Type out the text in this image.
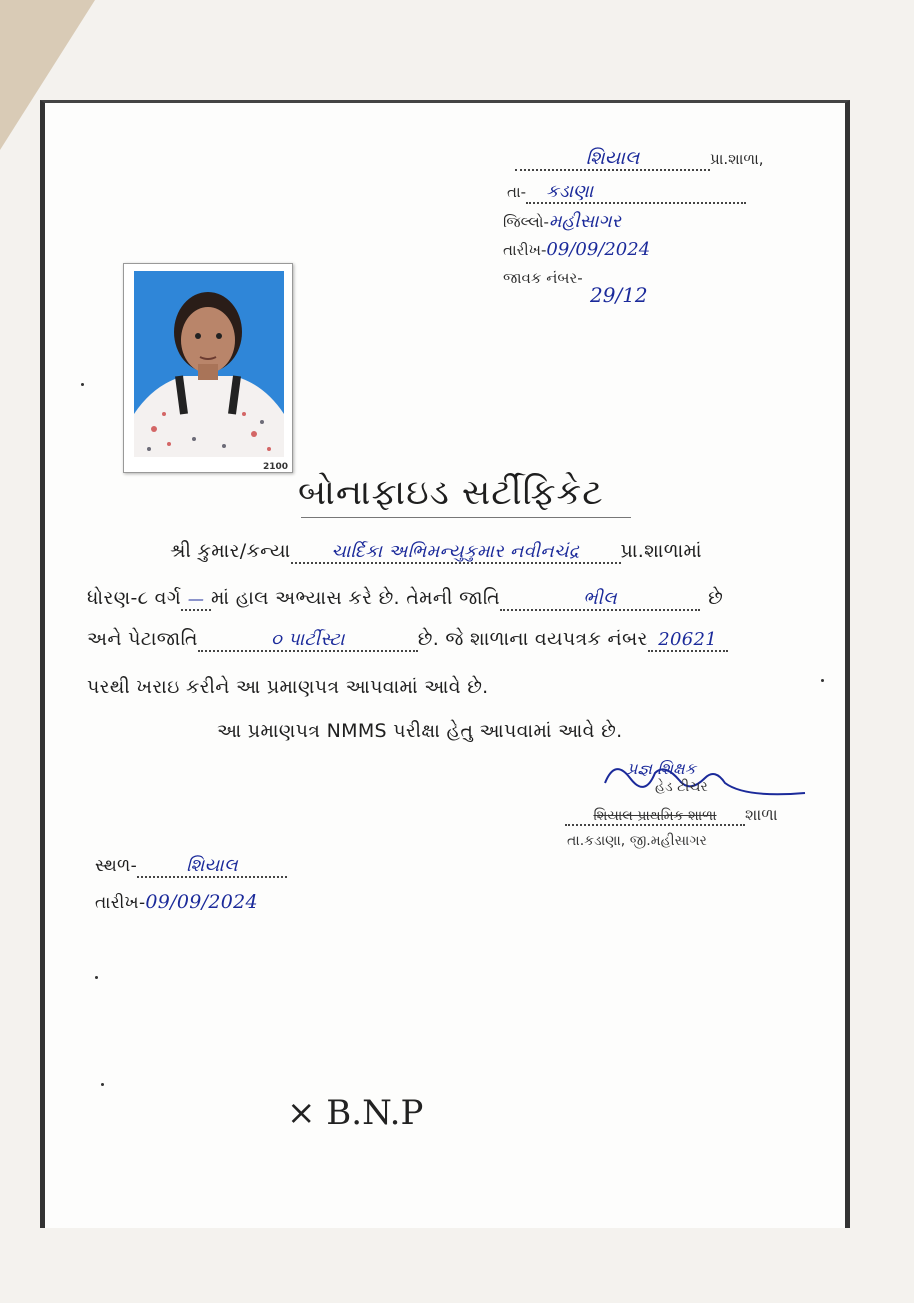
શિયાલ	પ્રા.શાળા,
તા- કડાણા
જિલ્લો-મહીસાગર
તારીખ-09/09/2024
જાવક નંબર-
29/12
2100
બોનાફાઇડ સર્ટીફિકેટ
શ્રી કુમાર/કન્યા ચાર્દિકા અભિમન્યુકુમાર નવીનચંદ્ર પ્રા.શાળામાં
ધોરણ-૮ વર્ગ — માં હાલ અભ્યાસ કરે છે. તેમની જાતિ	ભીલ	છે
અને પેટાજાતિ	૦ પાર્ટીસ્ટા	છે. જે શાળાના વયપત્રક નંબર 20621
પરથી ખરાઇ કરીને આ પ્રમાણપત્ર આપવામાં આવે છે.
આ પ્રમાણપત્ર NMMS પરીક્ષા હેતુ આપવામાં આવે છે.
પ્રજ્ઞ શિક્ષક
હેડ ટીચર
શિયાલ પ્રાથમિક શાળા શાળા
તા.કડાણા, જી.મહીસાગર
સ્થળ-	શિયાલ
તારીખ-09/09/2024
× B.N.P
